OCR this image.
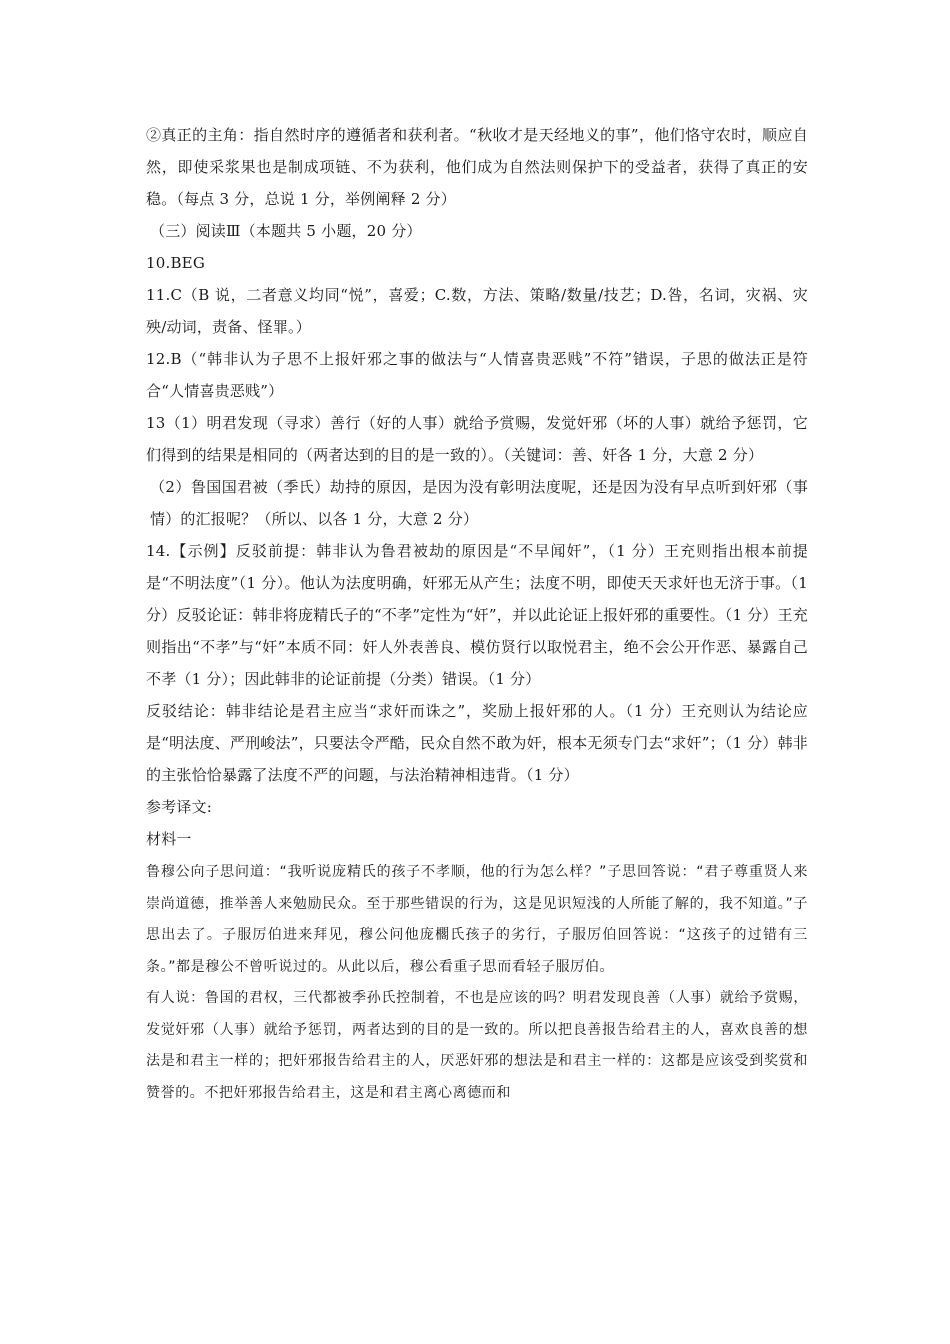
②真正的主角：指自然时序的遵循者和获利者。“秋收才是天经地义的事”，他们恪守农时，顺应自然，即使采浆果也是制成项链、不为获利，他们成为自然法则保护下的受益者，获得了真正的安稳。（每点 3 分，总说 1 分，举例阐释 2 分）

（三）阅读Ⅲ（本题共 5 小题，20 分）

10.BEG

11.C（B 说，二者意义均同“悦”，喜爱；C.数，方法、策略/数量/技艺；D.咎，名词，灾祸、灾殃/动词，责备、怪罪。）

12.B（“韩非认为子思不上报奸邪之事的做法与“人情喜贵恶贱”不符”错误，子思的做法正是符合“人情喜贵恶贱”）

13（1）明君发现（寻求）善行（好的人事）就给予赏赐，发觉奸邪（坏的人事）就给予惩罚，它们得到的结果是相同的（两者达到的目的是一致的）。（关键词：善、奸各 1 分，大意 2 分）

（2）鲁国国君被（季氏）劫持的原因，是因为没有彰明法度呢，还是因为没有早点听到奸邪（事情）的汇报呢？（所以、以各 1 分，大意 2 分）

14.【示例】反驳前提：韩非认为鲁君被劫的原因是“不早闻奸”，（1 分）王充则指出根本前提是“不明法度”（1 分）。他认为法度明确，奸邪无从产生；法度不明，即使天天求奸也无济于事。（1 分）反驳论证：韩非将庞精氏子的“不孝”定性为“奸”，并以此论证上报奸邪的重要性。（1 分）王充则指出“不孝”与“奸”本质不同：奸人外表善良、模仿贤行以取悦君主，绝不会公开作恶、暴露自己不孝（1 分）；因此韩非的论证前提（分类）错误。（1 分）

反驳结论：韩非结论是君主应当“求奸而诛之”，奖励上报奸邪的人。（1 分）王充则认为结论应是“明法度、严刑峻法”，只要法令严酷，民众自然不敢为奸，根本无须专门去“求奸”；（1 分）韩非的主张恰恰暴露了法度不严的问题，与法治精神相违背。（1 分）

参考译文:

材料一

鲁穆公向子思问道：“我听说庞精氏的孩子不孝顺，他的行为怎么样？”子思回答说：“君子尊重贤人来崇尚道德，推举善人来勉励民众。至于那些错误的行为，这是见识短浅的人所能了解的，我不知道。”子思出去了。子服厉伯进来拜见，穆公问他庞櫊氏孩子的劣行，子服厉伯回答说：“这孩子的过错有三条。”都是穆公不曾听说过的。从此以后，穆公看重子思而看轻子服厉伯。

有人说：鲁国的君权，三代都被季孙氏控制着，不也是应该的吗？明君发现良善（人事）就给予赏赐，发觉奸邪（人事）就给予惩罚，两者达到的目的是一致的。所以把良善报告给君主的人，喜欢良善的想法是和君主一样的；把奸邪报告给君主的人，厌恶奸邪的想法是和君主一样的：这都是应该受到奖赏和赞誉的。不把奸邪报告给君主，这是和君主离心离德而和
